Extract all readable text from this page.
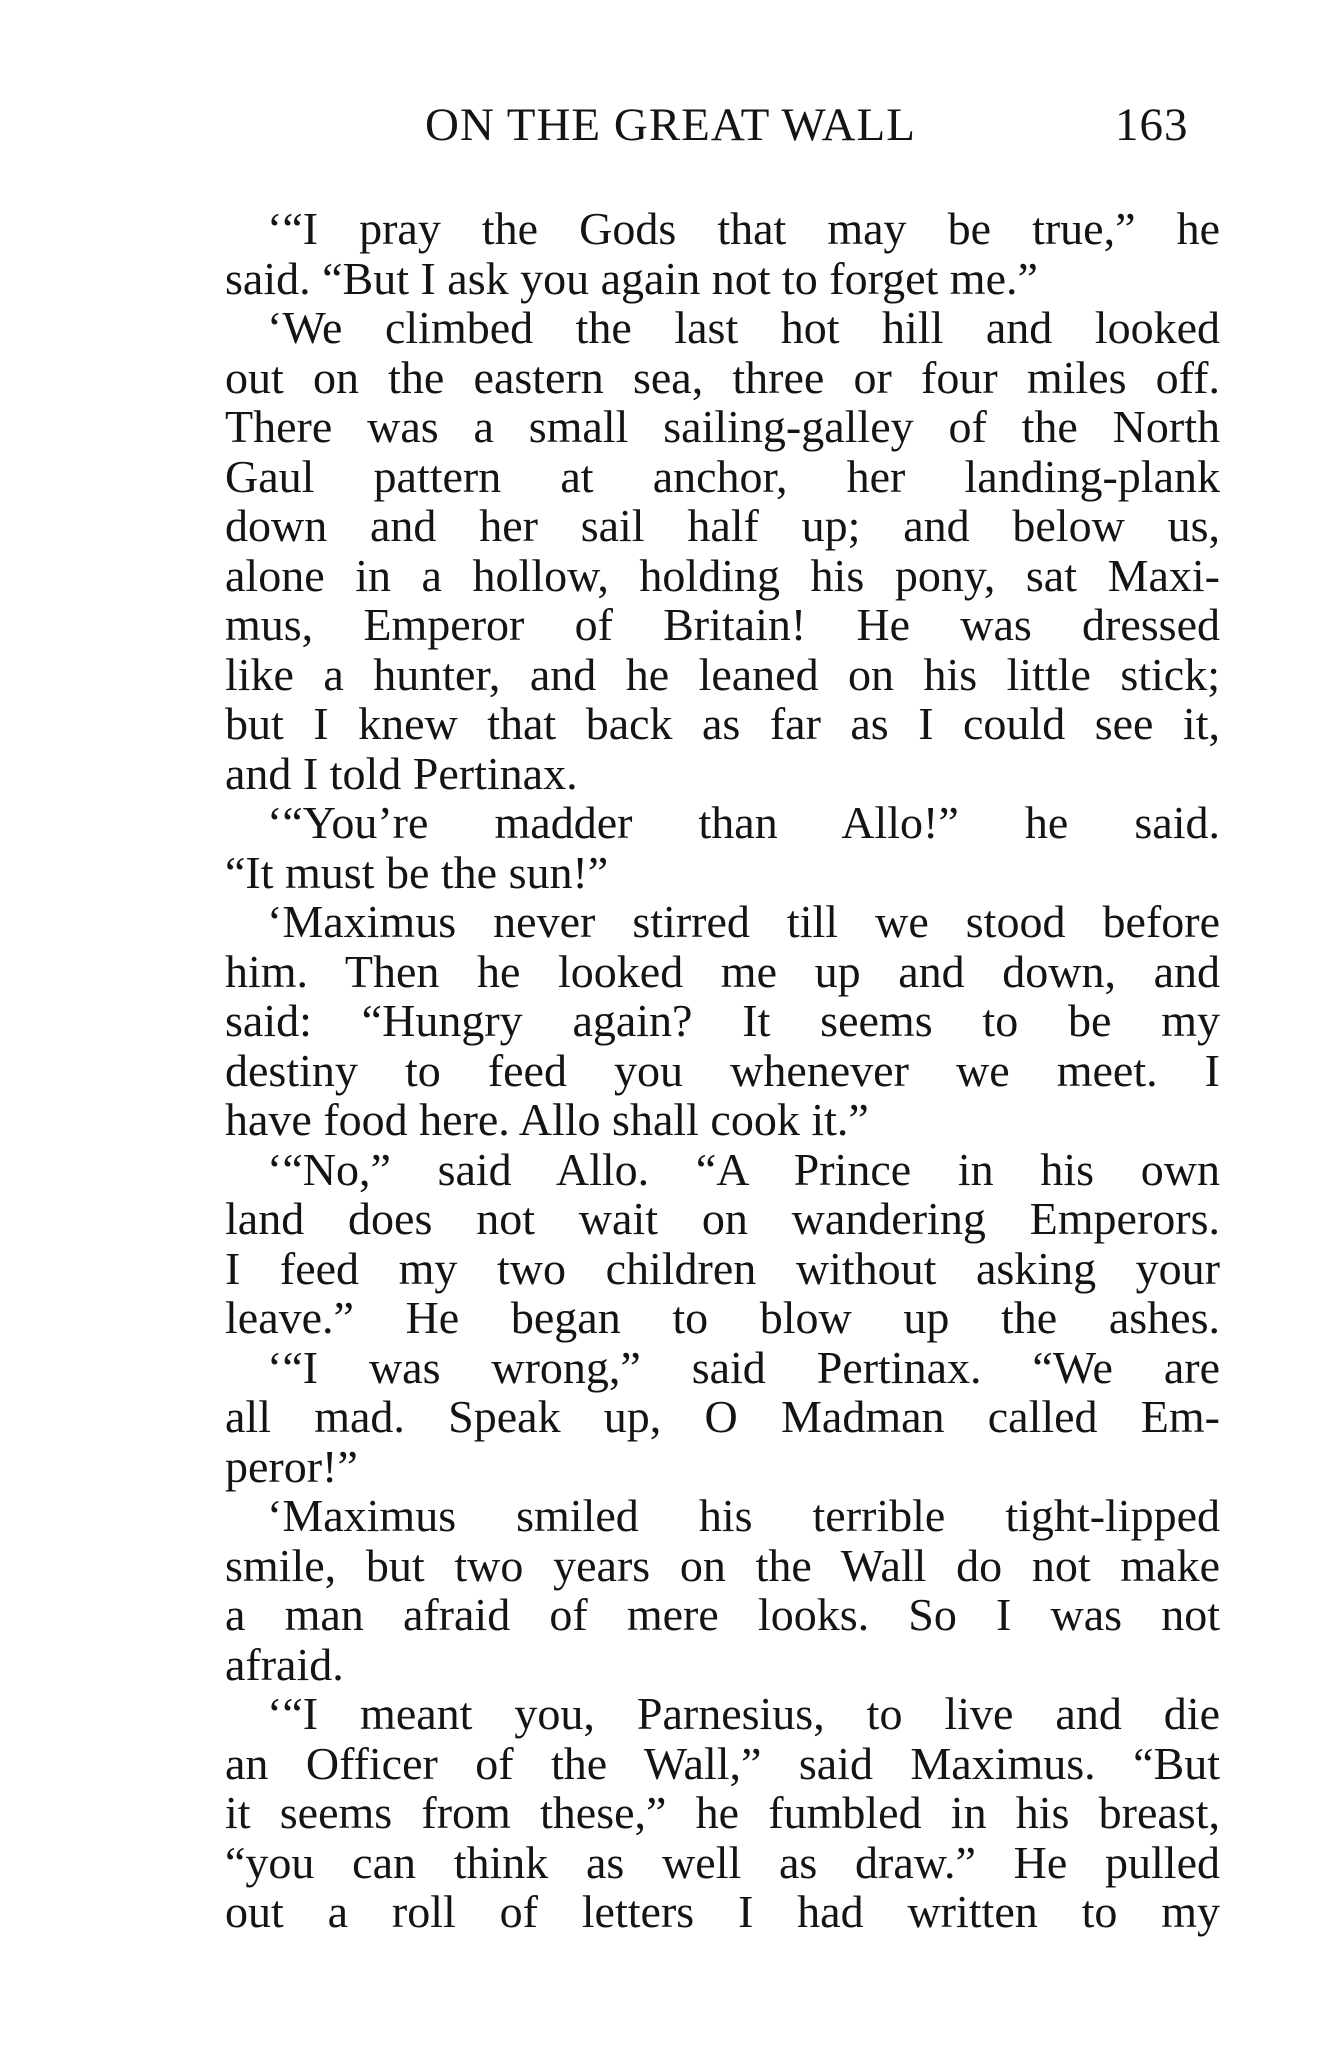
ON THE GREAT WALL	163
‘“I pray the Gods that may be true,” he
said. “But I ask you again not to forget me.”
‘We climbed the last hot hill and looked
out on the eastern sea, three or four miles off.
There was a small sailing-galley of the North
Gaul pattern at anchor, her landing-plank
down and her sail half up; and below us,
alone in a hollow, holding his pony, sat Maxi-
mus, Emperor of Britain! He was dressed
like a hunter, and he leaned on his little stick;
but I knew that back as far as I could see it,
and I told Pertinax.
‘“You’re madder than Allo!” he said.
“It must be the sun!”
‘Maximus never stirred till we stood before
him. Then he looked me up and down, and
said: “Hungry again? It seems to be my
destiny to feed you whenever we meet. I
have food here. Allo shall cook it.”
‘“No,” said Allo. “A Prince in his own
land does not wait on wandering Emperors.
I feed my two children without asking your
leave.” He began to blow up the ashes.
‘“I was wrong,” said Pertinax. “We are
all mad. Speak up, O Madman called Em-
peror!”
‘Maximus smiled his terrible tight-lipped
smile, but two years on the Wall do not make
a man afraid of mere looks. So I was not
afraid.
‘“I meant you, Parnesius, to live and die
an Officer of the Wall,” said Maximus. “But
it seems from these,” he fumbled in his breast,
“you can think as well as draw.” He pulled
out a roll of letters I had written to my
